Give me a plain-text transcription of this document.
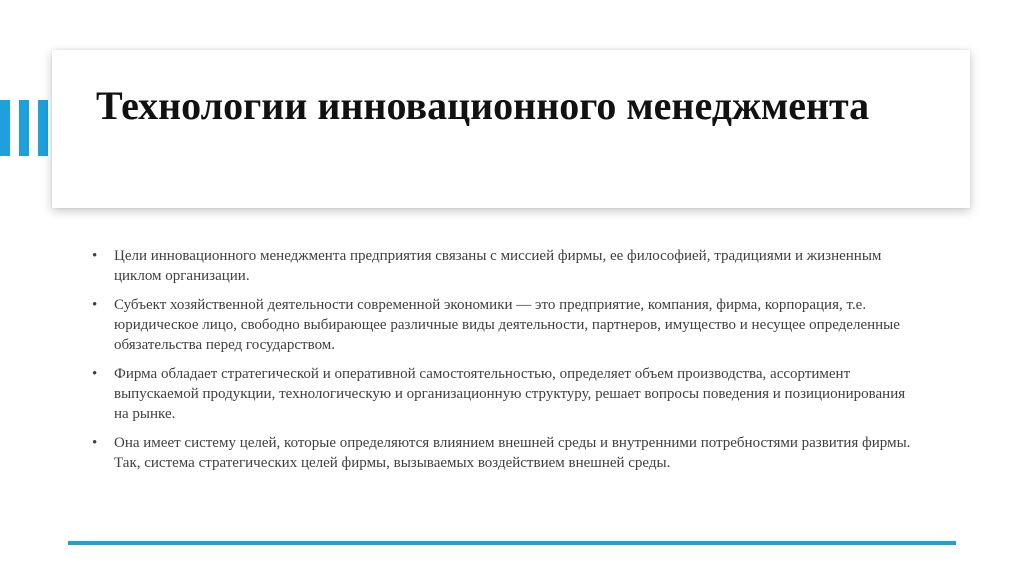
Технологии инновационного менеджмента
• Цели инновационного менеджмента предприятия связаны с миссией фирмы, ее философией, традициями и жизненным циклом организации.
• Субъект хозяйственной деятельности современной экономики — это предприятие, компания, фирма, корпорация, т.е. юридическое лицо, свободно выбирающее различные виды деятельности, партнеров, имущество и несущее определенные обязательства перед государством.
• Фирма обладает стратегической и оперативной самостоятельностью, определяет объем производства, ассортимент выпускаемой продукции, технологическую и организационную структуру, решает вопросы поведения и позиционирования на рынке.
• Она имеет систему целей, которые определяются влиянием внешней среды и внутренними потребностями развития фирмы. Так, система стратегических целей фирмы, вызываемых воздействием внешней среды.
